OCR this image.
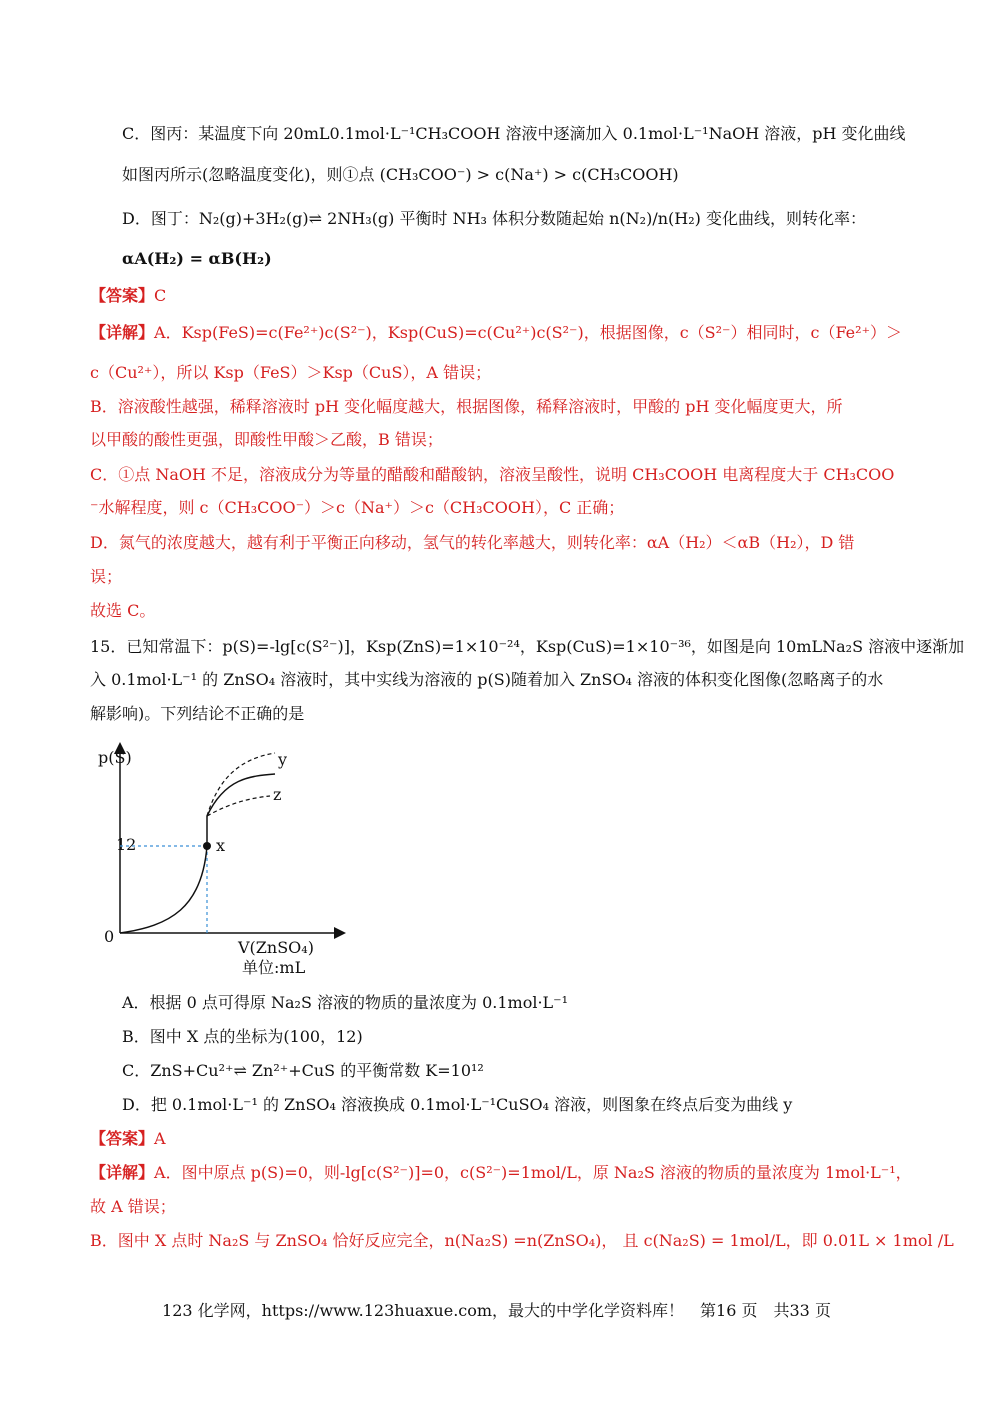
C．图丙：某温度下向 20mL0.1mol·L⁻¹CH₃COOH 溶液中逐滴加入 0.1mol·L⁻¹NaOH 溶液，pH 变化曲线
如图丙所示(忽略温度变化)，则①点 (CH₃COO⁻) > c(Na⁺) > c(CH₃COOH)
D．图丁：N₂(g)+3H₂(g)⇌ 2NH₃(g) 平衡时 NH₃ 体积分数随起始 n(N₂)/n(H₂) 变化曲线，则转化率：
αA(H₂) = αB(H₂)
【答案】C
【详解】A．Ksp(FeS)=c(Fe²⁺)c(S²⁻)，Ksp(CuS)=c(Cu²⁺)c(S²⁻)，根据图像，c（S²⁻）相同时，c（Fe²⁺）＞
c（Cu²⁺），所以 Ksp（FeS）＞Ksp（CuS），A 错误；
B．溶液酸性越强，稀释溶液时 pH 变化幅度越大，根据图像，稀释溶液时，甲酸的 pH 变化幅度更大，所
以甲酸的酸性更强，即酸性甲酸＞乙酸，B 错误；
C．①点 NaOH 不足，溶液成分为等量的醋酸和醋酸钠，溶液呈酸性，说明 CH₃COOH 电离程度大于 CH₃COO
⁻水解程度，则 c（CH₃COO⁻）＞c（Na⁺）＞c（CH₃COOH），C 正确；
D．氮气的浓度越大，越有利于平衡正向移动，氢气的转化率越大，则转化率：αA（H₂）＜αB（H₂），D 错
误；
故选 C。
15．已知常温下：p(S)=-lg[c(S²⁻)]，Ksp(ZnS)=1×10⁻²⁴，Ksp(CuS)=1×10⁻³⁶，如图是向 10mLNa₂S 溶液中逐渐加
入 0.1mol·L⁻¹ 的 ZnSO₄ 溶液时，其中实线为溶液的 p(S)随着加入 ZnSO₄ 溶液的体积变化图像(忽略离子的水
解影响)。下列结论不正确的是
p(S)
12
0
x
y
z
V(ZnSO₄)
单位:mL
A．根据 0 点可得原 Na₂S 溶液的物质的量浓度为 0.1mol·L⁻¹
B．图中 X 点的坐标为(100，12)
C．ZnS+Cu²⁺⇌ Zn²⁺+CuS 的平衡常数 K=10¹²
D．把 0.1mol·L⁻¹ 的 ZnSO₄ 溶液换成 0.1mol·L⁻¹CuSO₄ 溶液，则图象在终点后变为曲线 y
【答案】A
【详解】A．图中原点 p(S)=0，则-lg[c(S²⁻)]=0，c(S²⁻)=1mol/L，原 Na₂S 溶液的物质的量浓度为 1mol·L⁻¹，
故 A 错误；
B．图中 X 点时 Na₂S 与 ZnSO₄ 恰好反应完全，n(Na₂S) =n(ZnSO₄)， 且 c(Na₂S) = 1mol/L，即 0.01L × 1mol /L
123 化学网，https://www.123huaxue.com，最大的中学化学资料库！　第16 页　共33 页
